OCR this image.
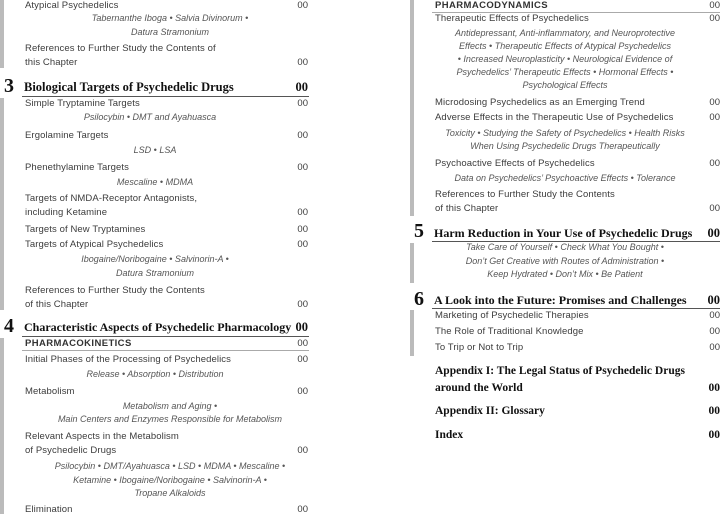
Atypical Psychedelics	00
Tabernanthe Iboga • Salvia Divinorum •
Datura Stramonium
References to Further Study the Contents of
this Chapter	00
3 Biological Targets of Psychedelic Drugs	00
Simple Tryptamine Targets	00
Psilocybin • DMT and Ayahuasca
Ergolamine Targets	00
LSD • LSA
Phenethylamine Targets	00
Mescaline • MDMA
Targets of NMDA-Receptor Antagonists,
including Ketamine	00
Targets of New Tryptamines	00
Targets of Atypical Psychedelics	00
Ibogaine/Noribogaine • Salvinorin-A •
Datura Stramonium
References to Further Study the Contents
of this Chapter	00
4 Characteristic Aspects of Psychedelic Pharmacology 00
PHARMACOKINETICS	00
Initial Phases of the Processing of Psychedelics	00
Release • Absorption • Distribution
Metabolism	00
Metabolism and Aging •
Main Centers and Enzymes Responsible for Metabolism
Relevant Aspects in the Metabolism
of Psychedelic Drugs	00
Psilocybin • DMT/Ayahuasca • LSD • MDMA • Mescaline •
Ketamine • Ibogaine/Noribogaine • Salvinorin-A •
Tropane Alkaloids
Elimination	00
PHARMACODYNAMICS	00
Therapeutic Effects of Psychedelics	00
Antidepressant, Anti-inflammatory, and Neuroprotective
Effects • Therapeutic Effects of Atypical Psychedelics
• Increased Neuroplasticity • Neurological Evidence of
Psychedelics’ Therapeutic Effects • Hormonal Effects •
Psychological Effects
Microdosing Psychedelics as an Emerging Trend	00
Adverse Effects in the Therapeutic Use of Psychedelics	00
Toxicity • Studying the Safety of Psychedelics • Health Risks
When Using Psychedelic Drugs Therapeutically
Psychoactive Effects of Psychedelics	00
Data on Psychedelics’ Psychoactive Effects • Tolerance
References to Further Study the Contents
of this Chapter	00
5 Harm Reduction in Your Use of Psychedelic Drugs	00
Take Care of Yourself • Check What You Bought •
Don’t Get Creative with Routes of Administration •
Keep Hydrated • Don’t Mix • Be Patient
6 A Look into the Future: Promises and Challenges	00
Marketing of Psychedelic Therapies	00
The Role of Traditional Knowledge	00
To Trip or Not to Trip	00
Appendix I: The Legal Status of Psychedelic Drugs
around the World	00
Appendix II: Glossary	00
Index	00
